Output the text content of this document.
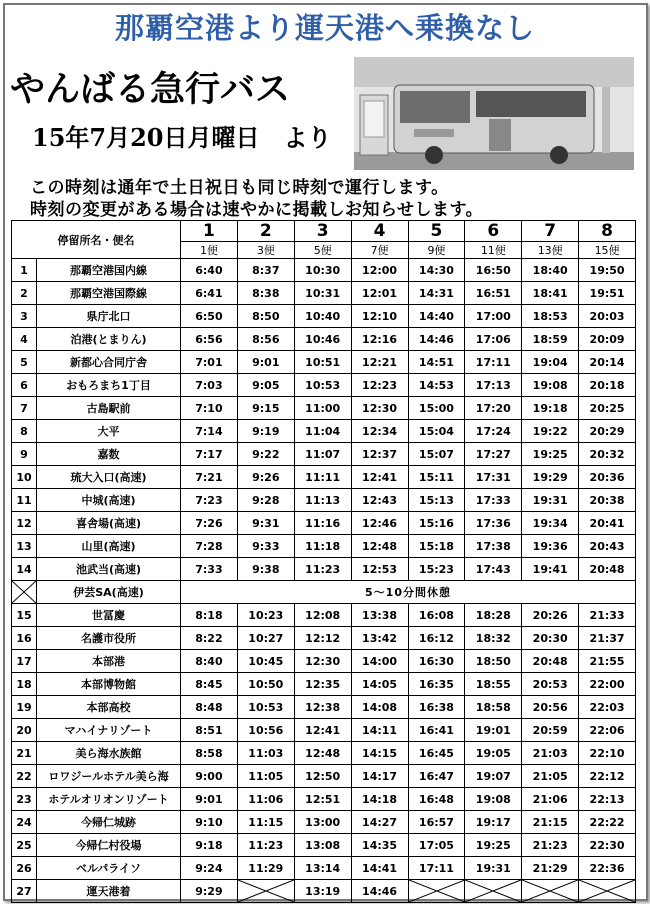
那覇空港より運天港へ乗換なし
やんばる急行バス
15年7月20日月曜日　より
この時刻は通年で土日祝日も同じ時刻で運行します。
時刻の変更がある場合は速やかに掲載しお知らせします。
停留所名・便名		1	2	3	4	5	6	7	8
		1便	3便	5便	7便	9便	11便	13便	15便
1	那覇空港国内線	6:40	8:37	10:30	12:00	14:30	16:50	18:40	19:50
2	那覇空港国際線	6:41	8:38	10:31	12:01	14:31	16:51	18:41	19:51
3	県庁北口	6:50	8:50	10:40	12:10	14:40	17:00	18:53	20:03
4	泊港(とまりん)	6:56	8:56	10:46	12:16	14:46	17:06	18:59	20:09
5	新都心合同庁舎	7:01	9:01	10:51	12:21	14:51	17:11	19:04	20:14
6	おもろまち1丁目	7:03	9:05	10:53	12:23	14:53	17:13	19:08	20:18
7	古島駅前	7:10	9:15	11:00	12:30	15:00	17:20	19:18	20:25
8	大平	7:14	9:19	11:04	12:34	15:04	17:24	19:22	20:29
9	嘉数	7:17	9:22	11:07	12:37	15:07	17:27	19:25	20:32
10	琉大入口(高速)	7:21	9:26	11:11	12:41	15:11	17:31	19:29	20:36
11	中城(高速)	7:23	9:28	11:13	12:43	15:13	17:33	19:31	20:38
12	喜舎場(高速)	7:26	9:31	11:16	12:46	15:16	17:36	19:34	20:41
13	山里(高速)	7:28	9:33	11:18	12:48	15:18	17:38	19:36	20:43
14	池武当(高速)	7:33	9:38	11:23	12:53	15:23	17:43	19:41	20:48

	伊芸SA(高速)	5～10分間休憩							
15	世冨慶	8:18	10:23	12:08	13:38	16:08	18:28	20:26	21:33
16	名護市役所	8:22	10:27	12:12	13:42	16:12	18:32	20:30	21:37
17	本部港	8:40	10:45	12:30	14:00	16:30	18:50	20:48	21:55
18	本部博物館	8:45	10:50	12:35	14:05	16:35	18:55	20:53	22:00
19	本部高校	8:48	10:53	12:38	14:08	16:38	18:58	20:56	22:03
20	マハイナリゾート	8:51	10:56	12:41	14:11	16:41	19:01	20:59	22:06
21	美ら海水族館	8:58	11:03	12:48	14:15	16:45	19:05	21:03	22:10
22	ロワジールホテル美ら海	9:00	11:05	12:50	14:17	16:47	19:07	21:05	22:12
23	ホテルオリオンリゾート	9:01	11:06	12:51	14:18	16:48	19:08	21:06	22:13
24	今帰仁城跡	9:10	11:15	13:00	14:27	16:57	19:17	21:15	22:22
25	今帰仁村役場	9:18	11:23	13:08	14:35	17:05	19:25	21:23	22:30
26	ベルパライソ	9:24	11:29	13:14	14:41	17:11	19:31	21:29	22:36
27	運天港着	9:29		13:19	14:46	
